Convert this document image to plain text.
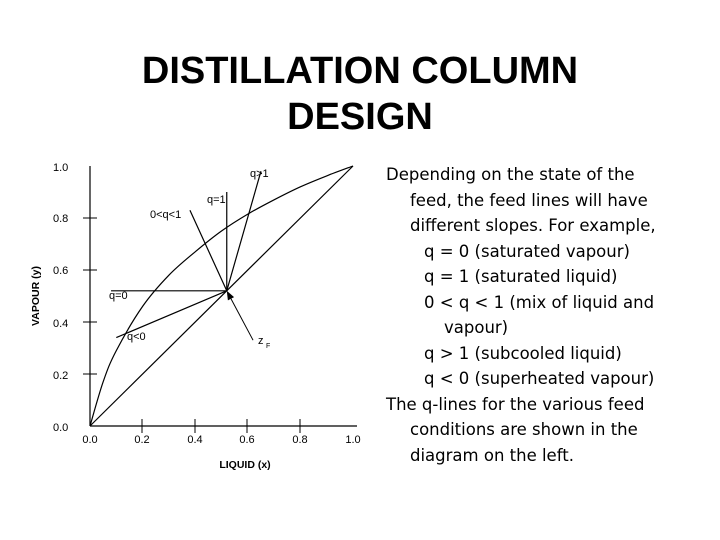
DISTILLATION COLUMN
DESIGN
VAPOUR (y)
LIQUID (x)
1.0
0.8
0.6
0.4
0.2
0.0
0.0	0.2	0.4	0.6	0.8	1.0
q>1
q=1
0<q<1
q=0
q<0	z F
Depending on the state of the
feed, the feed lines will have
different slopes. For example,
q = 0 (saturated vapour)
q = 1 (saturated liquid)
0 < q < 1 (mix of liquid and
vapour)
q > 1 (subcooled liquid)
q < 0 (superheated vapour)
The q-lines for the various feed
conditions are shown in the
diagram on the left.
